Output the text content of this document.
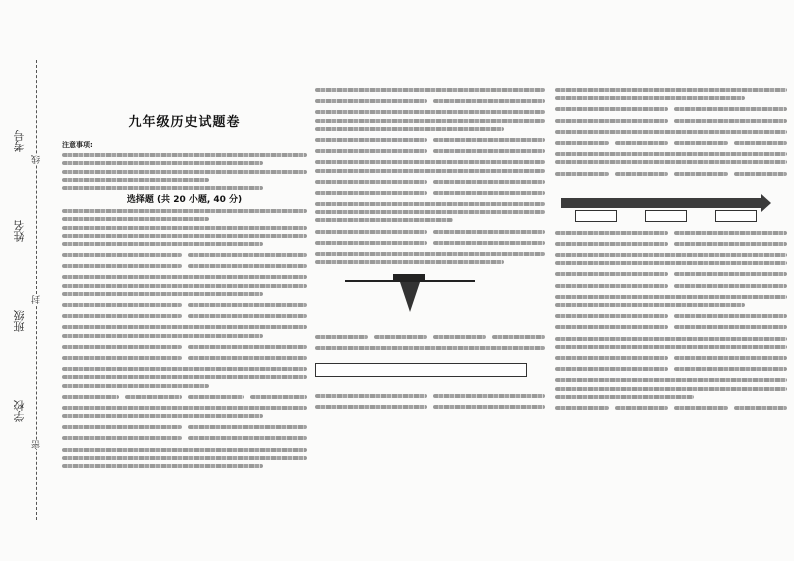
学校
班级
姓名
考号
密
封
线
九年级历史试题卷
注意事项:
选择题 (共 20 小题, 40 分)
